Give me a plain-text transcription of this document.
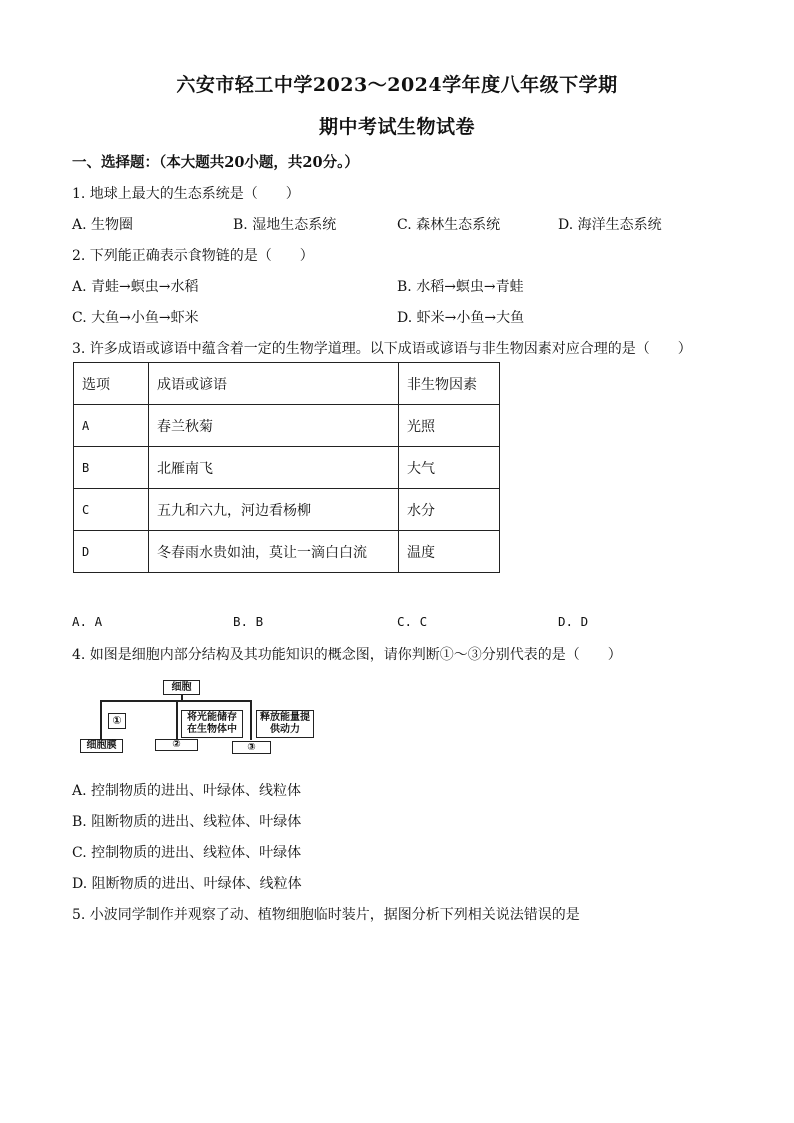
六安市轻工中学2023～2024学年度八年级下学期
期中考试生物试卷
一、选择题：（本大题共20小题，共20分。）
1. 地球上最大的生态系统是（　　）
A. 生物圈	B. 湿地生态系统	C. 森林生态系统	D. 海洋生态系统
2. 下列能正确表示食物链的是（　　）
A. 青蛙→螟虫→水稻	B. 水稻→螟虫→青蛙
C. 大鱼→小鱼→虾米	D. 虾米→小鱼→大鱼
3. 许多成语或谚语中蕴含着一定的生物学道理。以下成语或谚语与非生物因素对应合理的是（　　）
选项	成语或谚语	非生物因素
A	春兰秋菊	光照
B	北雁南飞	大气
C	五九和六九，河边看杨柳	水分
D	冬春雨水贵如油，莫让一滴白白流	温度
A. A	B. B	C. C	D. D
4. 如图是细胞内部分结构及其功能知识的概念图，请你判断①～③分别代表的是（　　）
细胞
①	将光能储存在生物体中
释放能量提供动力
细胞膜	②	③
A. 控制物质的进出、叶绿体、线粒体
B. 阻断物质的进出、线粒体、叶绿体
C. 控制物质的进出、线粒体、叶绿体
D. 阻断物质的进出、叶绿体、线粒体
5. 小波同学制作并观察了动、植物细胞临时装片，据图分析下列相关说法错误的是
